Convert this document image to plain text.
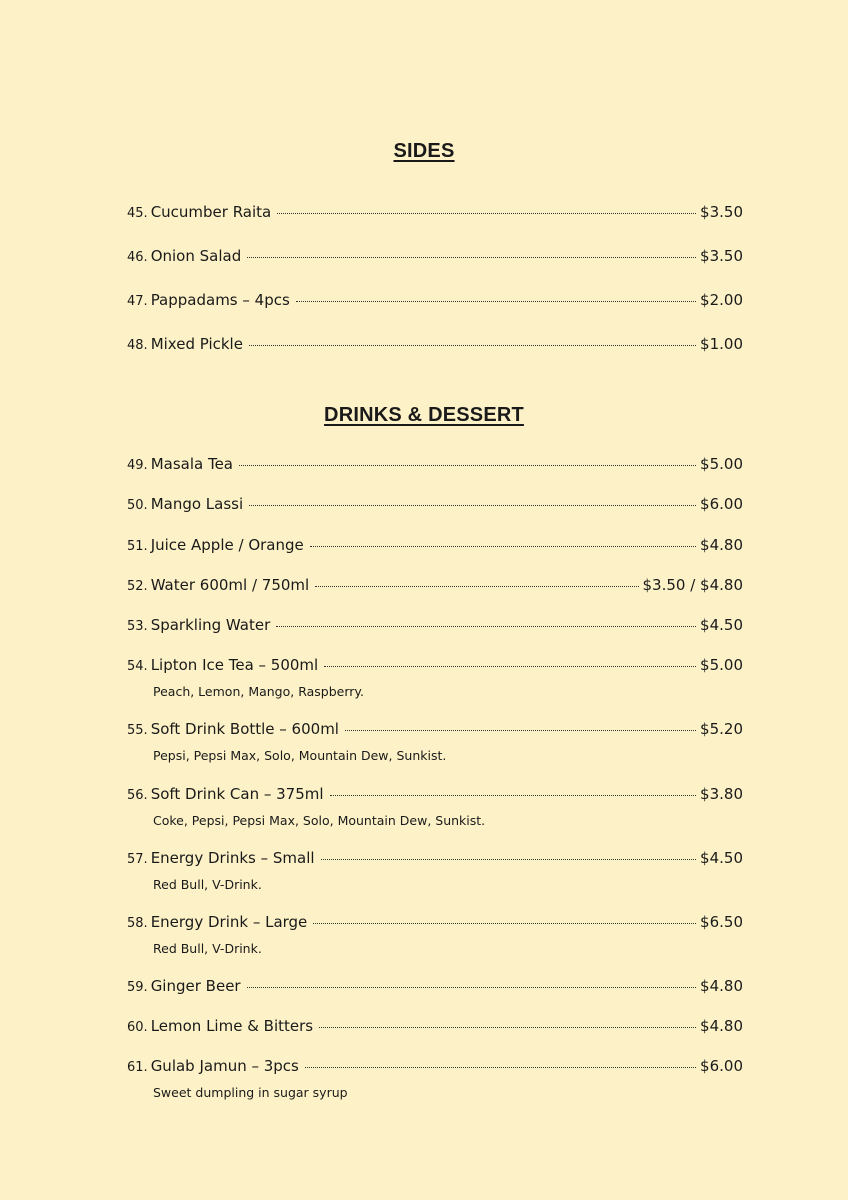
SIDES
45. Cucumber Raita	$3.50
46. Onion Salad	$3.50
47. Pappadams – 4pcs	$2.00
48. Mixed Pickle	$1.00
DRINKS & DESSERT
49. Masala Tea	$5.00
50. Mango Lassi	$6.00
51. Juice Apple / Orange	$4.80
52. Water 600ml / 750ml	$3.50 / $4.80
53. Sparkling Water	$4.50
54. Lipton Ice Tea – 500ml	$5.00
Peach, Lemon, Mango, Raspberry.
55. Soft Drink Bottle – 600ml	$5.20
Pepsi, Pepsi Max, Solo, Mountain Dew, Sunkist.
56. Soft Drink Can – 375ml	$3.80
Coke, Pepsi, Pepsi Max, Solo, Mountain Dew, Sunkist.
57. Energy Drinks – Small	$4.50
Red Bull, V-Drink.
58. Energy Drink – Large	$6.50
Red Bull, V-Drink.
59. Ginger Beer	$4.80
60. Lemon Lime & Bitters	$4.80
61. Gulab Jamun – 3pcs	$6.00
Sweet dumpling in sugar syrup
